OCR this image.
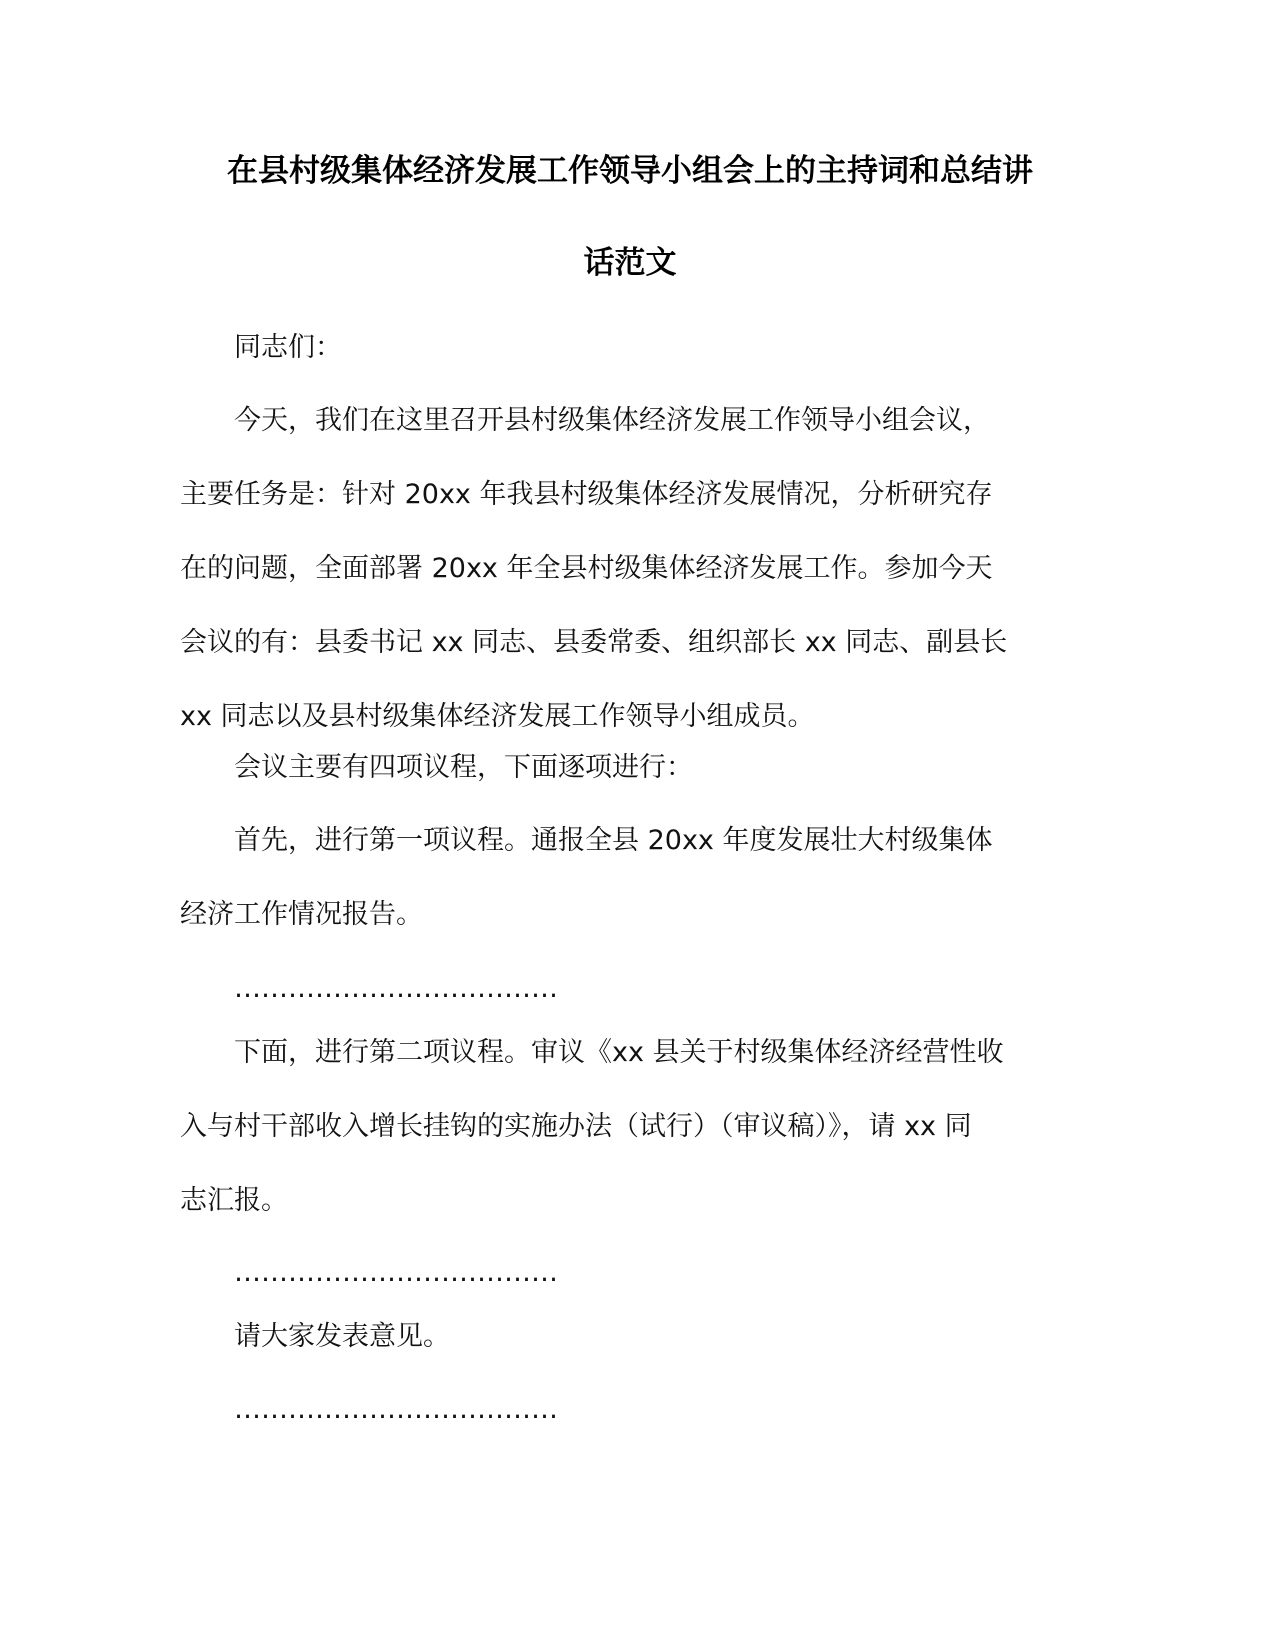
在县村级集体经济发展工作领导小组会上的主持词和总结讲
话范文

同志们：

今天，我们在这里召开县村级集体经济发展工作领导小组会议，
主要任务是：针对 20xx 年我县村级集体经济发展情况，分析研究存
在的问题，全面部署 20xx 年全县村级集体经济发展工作。参加今天
会议的有：县委书记 xx 同志、县委常委、组织部长 xx 同志、副县长
xx 同志以及县村级集体经济发展工作领导小组成员。

会议主要有四项议程，下面逐项进行：

首先，进行第一项议程。通报全县 20xx 年度发展壮大村级集体
经济工作情况报告。

………………………………

下面，进行第二项议程。审议《xx 县关于村级集体经济经营性收
入与村干部收入增长挂钩的实施办法（试行）（审议稿）》，请 xx 同
志汇报。

………………………………

请大家发表意见。

………………………………
